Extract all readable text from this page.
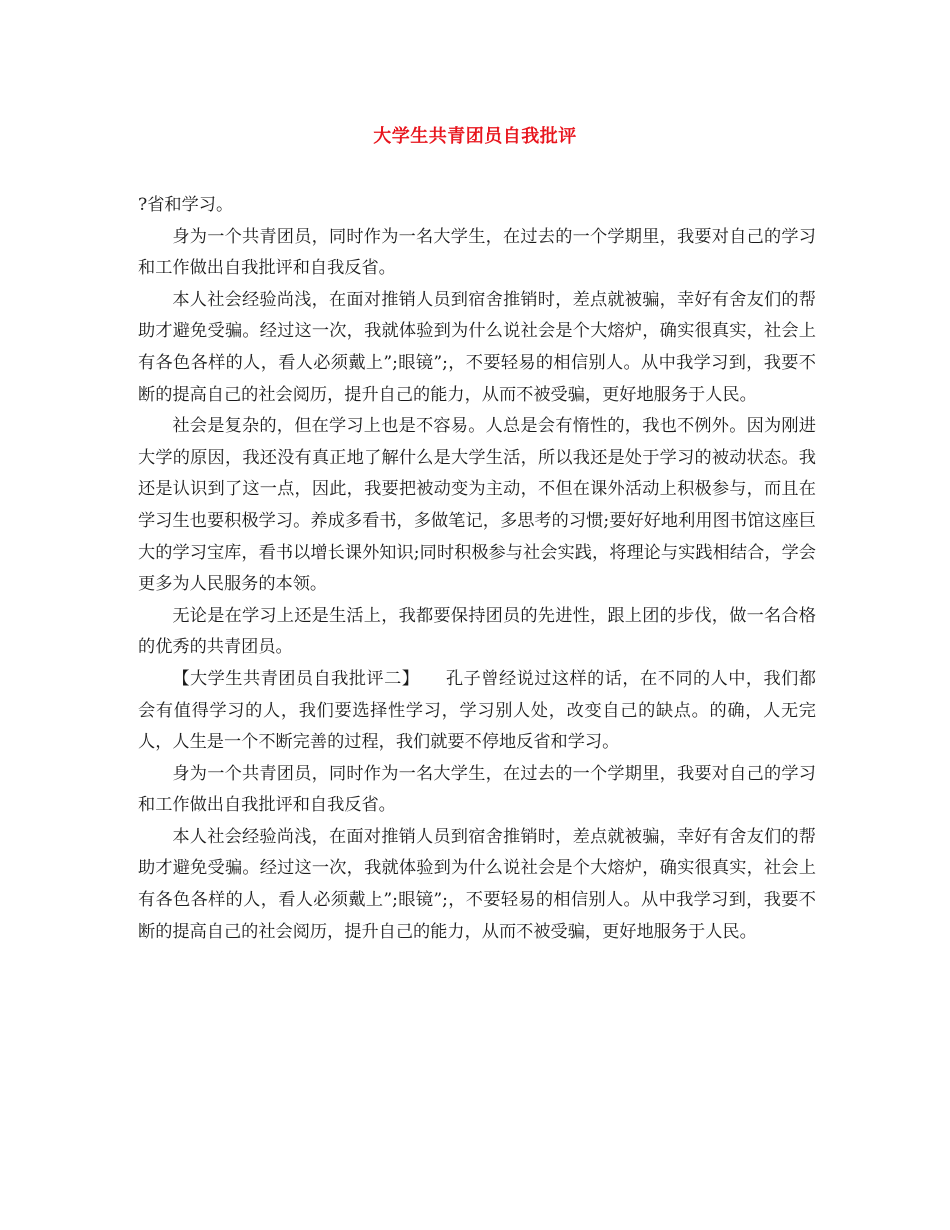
大学生共青团员自我批评

?省和学习。

身为一个共青团员，同时作为一名大学生，在过去的一个学期里，我要对自己的学习和工作做出自我批评和自我反省。

本人社会经验尚浅，在面对推销人员到宿舍推销时，差点就被骗，幸好有舍友们的帮助才避免受骗。经过这一次，我就体验到为什么说社会是个大熔炉，确实很真实，社会上有各色各样的人，看人必须戴上”;眼镜”;，不要轻易的相信别人。从中我学习到，我要不断的提高自己的社会阅历，提升自己的能力，从而不被受骗，更好地服务于人民。

社会是复杂的，但在学习上也是不容易。人总是会有惰性的，我也不例外。因为刚进大学的原因，我还没有真正地了解什么是大学生活，所以我还是处于学习的被动状态。我还是认识到了这一点，因此，我要把被动变为主动，不但在课外活动上积极参与，而且在学习生也要积极学习。养成多看书，多做笔记，多思考的习惯;要好好地利用图书馆这座巨大的学习宝库，看书以增长课外知识;同时积极参与社会实践，将理论与实践相结合，学会更多为人民服务的本领。

无论是在学习上还是生活上，我都要保持团员的先进性，跟上团的步伐，做一名合格的优秀的共青团员。

【大学生共青团员自我批评二】　　孔子曾经说过这样的话，在不同的人中，我们都会有值得学习的人，我们要选择性学习，学习别人处，改变自己的缺点。的确，人无完人，人生是一个不断完善的过程，我们就要不停地反省和学习。

身为一个共青团员，同时作为一名大学生，在过去的一个学期里，我要对自己的学习和工作做出自我批评和自我反省。

本人社会经验尚浅，在面对推销人员到宿舍推销时，差点就被骗，幸好有舍友们的帮助才避免受骗。经过这一次，我就体验到为什么说社会是个大熔炉，确实很真实，社会上有各色各样的人，看人必须戴上”;眼镜”;，不要轻易的相信别人。从中我学习到，我要不断的提高自己的社会阅历，提升自己的能力，从而不被受骗，更好地服务于人民。
